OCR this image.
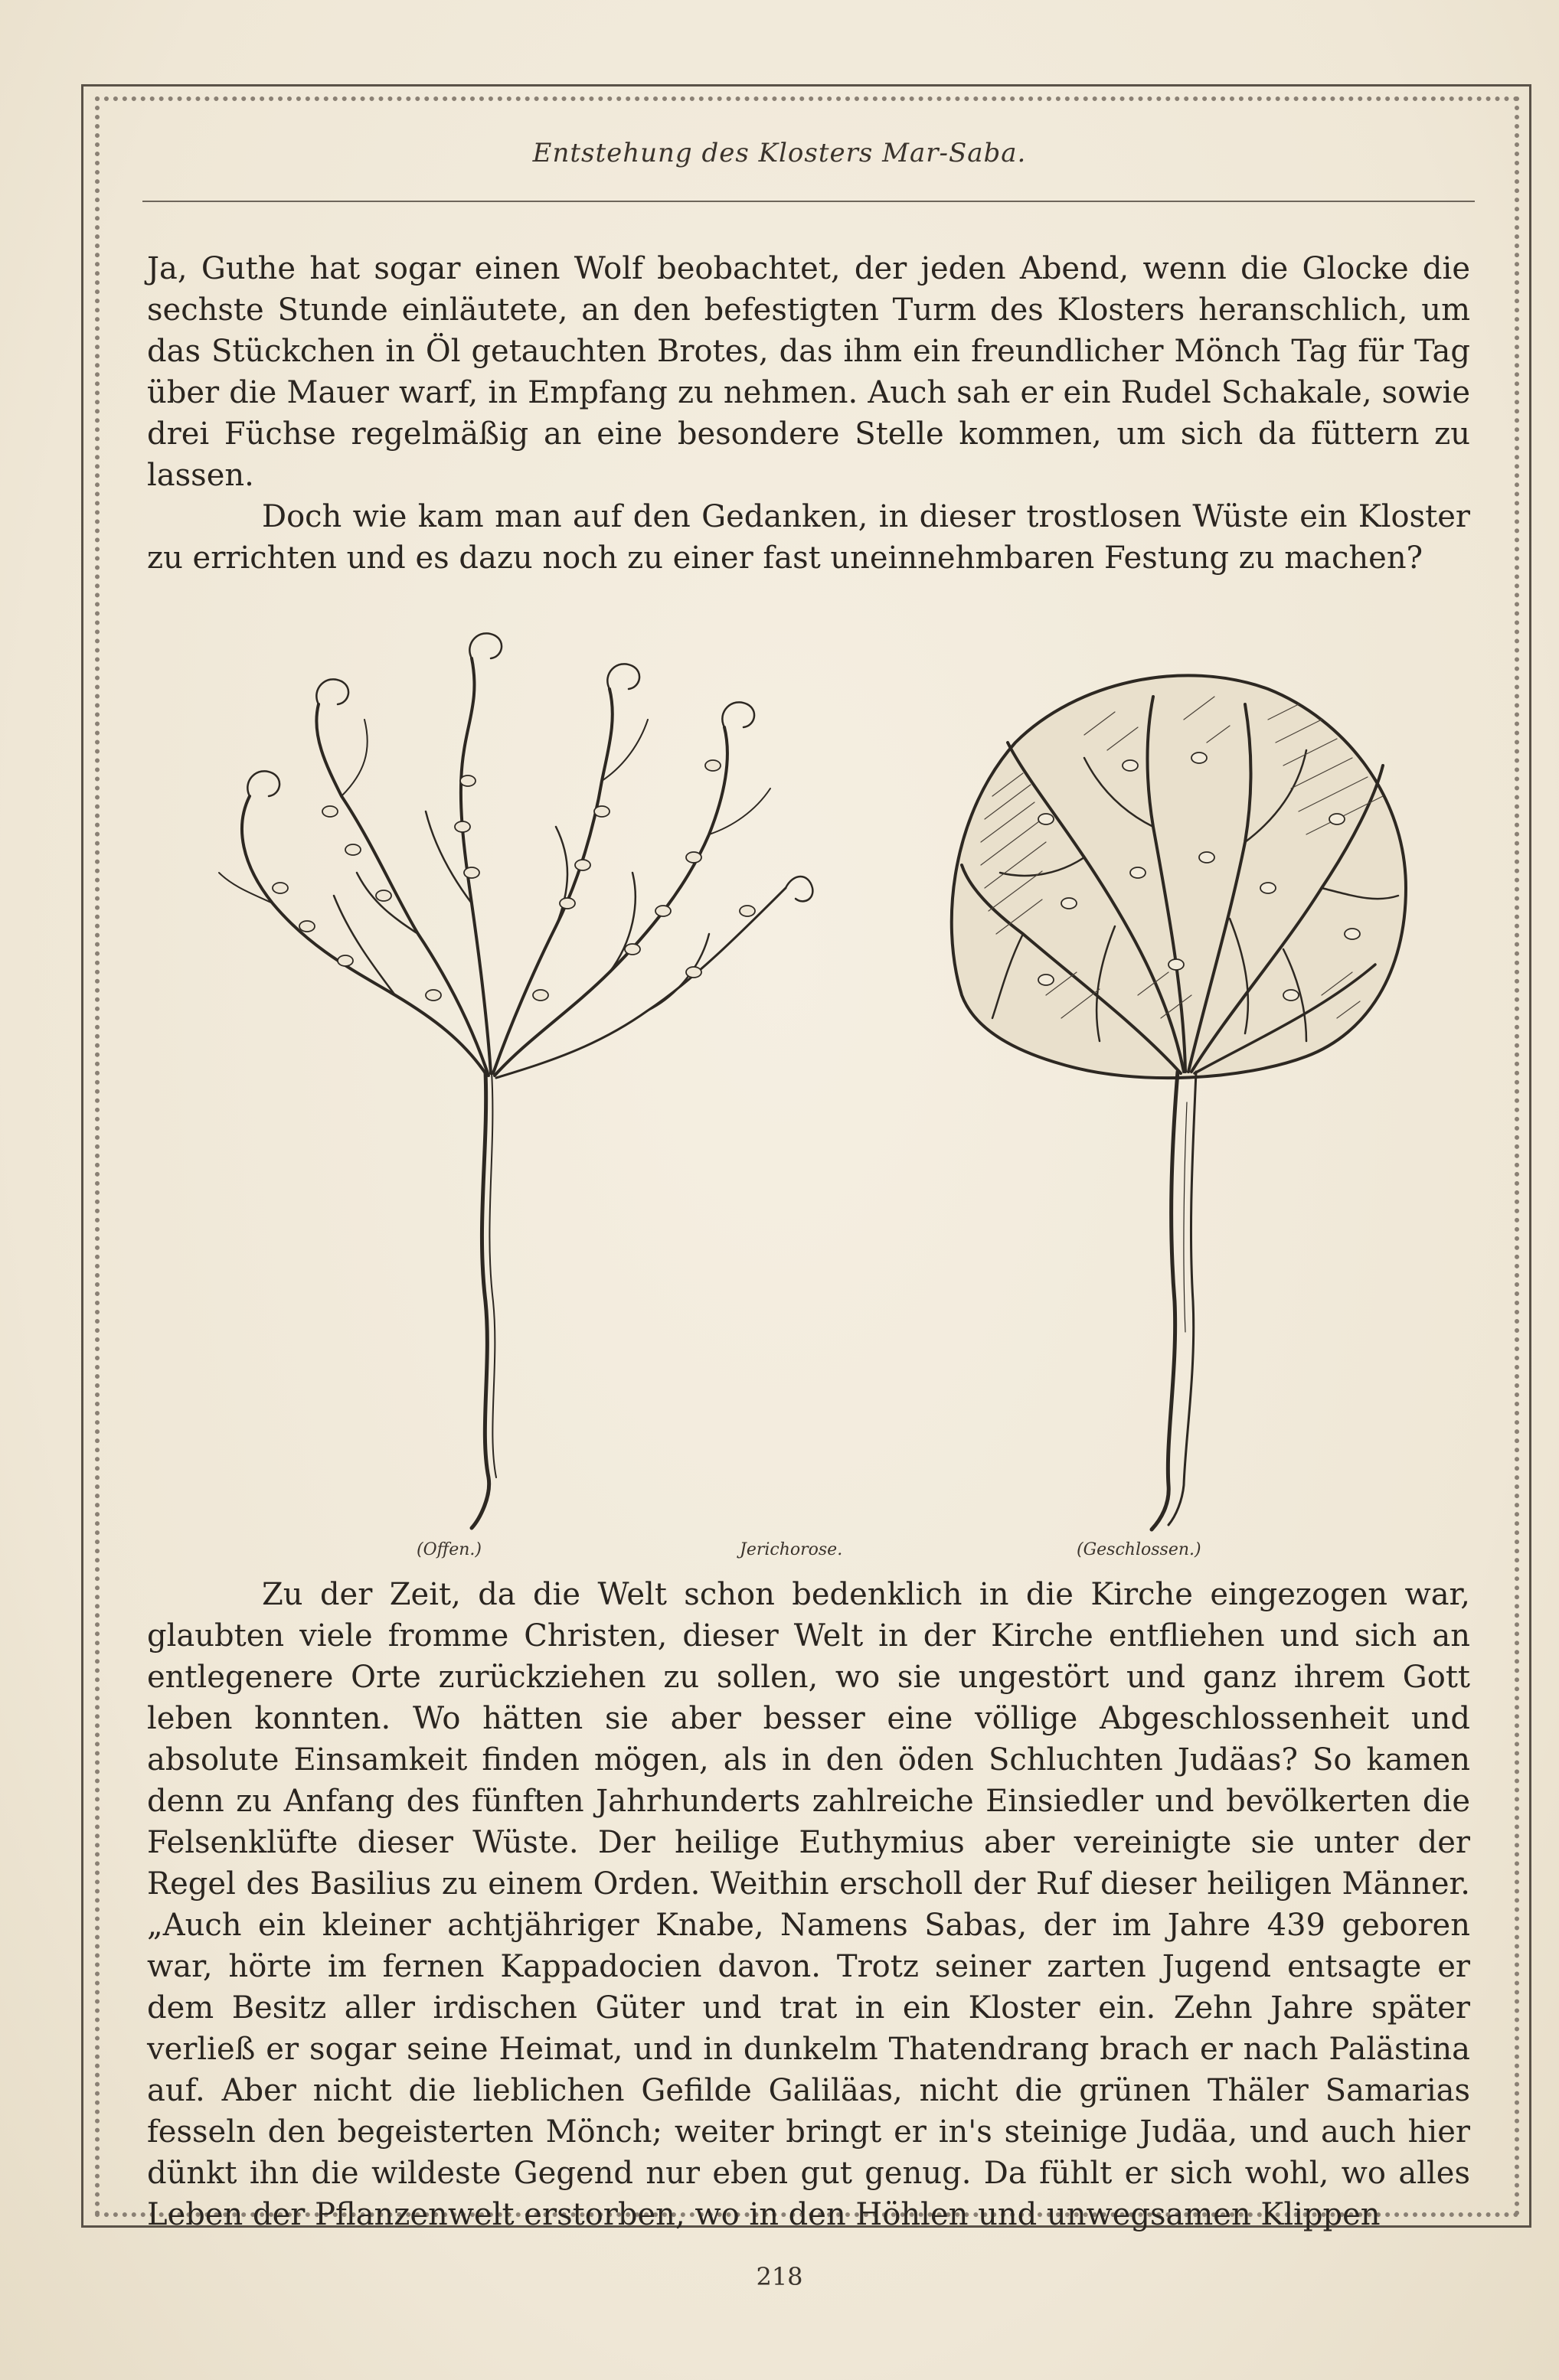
Entstehung des Klosters Mar-Saba.

Ja, Guthe hat sogar einen Wolf beobachtet, der jeden Abend, wenn die Glocke die sechste Stunde einläutete, an den befestigten Turm des Klosters heranschlich, um das Stückchen in Öl getauchten Brotes, das ihm ein freundlicher Mönch Tag für Tag über die Mauer warf, in Empfang zu nehmen. Auch sah er ein Rudel Schakale, sowie drei Füchse regelmäßig an eine besondere Stelle kommen, um sich da füttern zu lassen.

Doch wie kam man auf den Gedanken, in dieser trostlosen Wüste ein Kloster zu errichten und es dazu noch zu einer fast uneinnehmbaren Festung zu machen?

(Offen.)	Jerichorose.	(Geschlossen.)

Zu der Zeit, da die Welt schon bedenklich in die Kirche eingezogen war, glaubten viele fromme Christen, dieser Welt in der Kirche entfliehen und sich an entlegenere Orte zurückziehen zu sollen, wo sie ungestört und ganz ihrem Gott leben konnten. Wo hätten sie aber besser eine völlige Abgeschlossenheit und absolute Einsamkeit finden mögen, als in den öden Schluchten Judäas? So kamen denn zu Anfang des fünften Jahrhunderts zahlreiche Einsiedler und bevölkerten die Felsenklüfte dieser Wüste. Der heilige Euthymius aber vereinigte sie unter der Regel des Basilius zu einem Orden. Weithin erscholl der Ruf dieser heiligen Männer. „Auch ein kleiner achtjähriger Knabe, Namens Sabas, der im Jahre 439 geboren war, hörte im fernen Kappadocien davon. Trotz seiner zarten Jugend entsagte er dem Besitz aller irdischen Güter und trat in ein Kloster ein. Zehn Jahre später verließ er sogar seine Heimat, und in dunkelm Thatendrang brach er nach Palästina auf. Aber nicht die lieblichen Gefilde Galiläas, nicht die grünen Thäler Samarias fesseln den begeisterten Mönch; weiter bringt er in's steinige Judäa, und auch hier dünkt ihn die wildeste Gegend nur eben gut genug. Da fühlt er sich wohl, wo alles Leben der Pflanzenwelt erstorben, wo in den Höhlen und unwegsamen Klippen

218
